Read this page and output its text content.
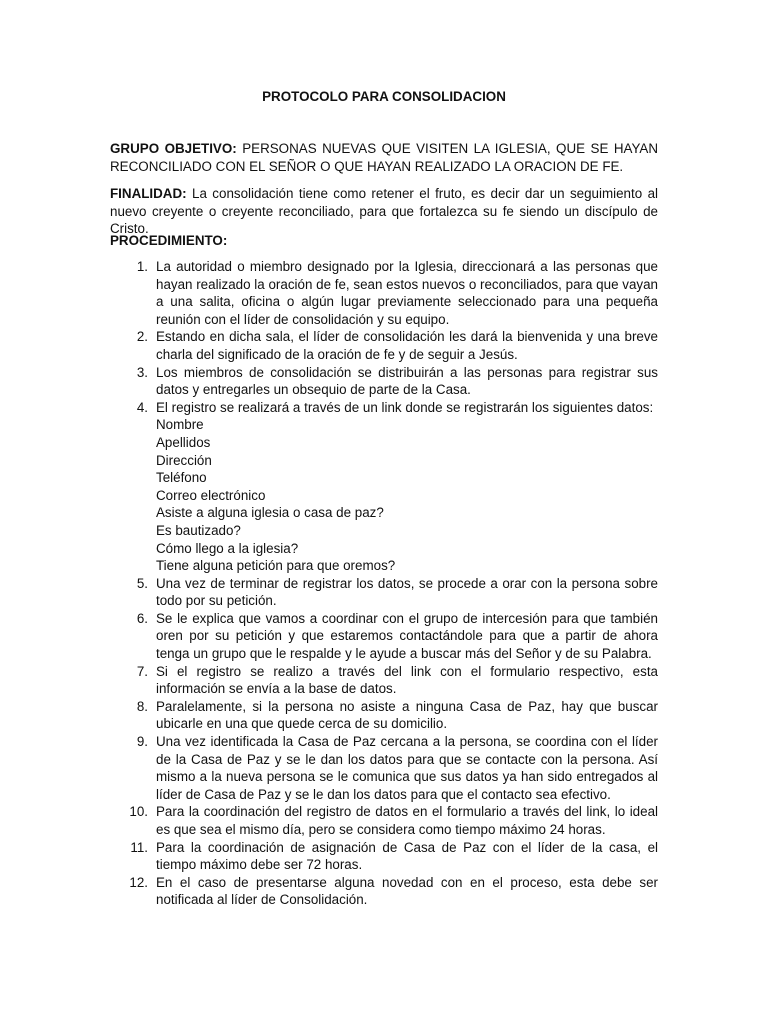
PROTOCOLO PARA CONSOLIDACION

GRUPO OBJETIVO: PERSONAS NUEVAS QUE VISITEN LA IGLESIA, QUE SE HAYAN RECONCILIADO CON EL SEÑOR O QUE HAYAN REALIZADO LA ORACION DE FE.

FINALIDAD: La consolidación tiene como retener el fruto, es decir dar un seguimiento al nuevo creyente o creyente reconciliado, para que fortalezca su fe siendo un discípulo de Cristo.

PROCEDIMIENTO:

1. La autoridad o miembro designado por la Iglesia, direccionará a las personas que hayan realizado la oración de fe, sean estos nuevos o reconciliados, para que vayan a una salita, oficina o algún lugar previamente seleccionado para una pequeña reunión con el líder de consolidación y su equipo.
2. Estando en dicha sala, el líder de consolidación les dará la bienvenida y una breve charla del significado de la oración de fe y de seguir a Jesús.
3. Los miembros de consolidación se distribuirán a las personas para registrar sus datos y entregarles un obsequio de parte de la Casa.
4. El registro se realizará a través de un link donde se registrarán los siguientes datos:
Nombre
Apellidos
Dirección
Teléfono
Correo electrónico
Asiste a alguna iglesia o casa de paz?
Es bautizado?
Cómo llego a la iglesia?
Tiene alguna petición para que oremos?
5. Una vez de terminar de registrar los datos, se procede a orar con la persona sobre todo por su petición.
6. Se le explica que vamos a coordinar con el grupo de intercesión para que también oren por su petición y que estaremos contactándole para que a partir de ahora tenga un grupo que le respalde y le ayude a buscar más del Señor y de su Palabra.
7. Si el registro se realizo a través del link con el formulario respectivo, esta información se envía a la base de datos.
8. Paralelamente, si la persona no asiste a ninguna Casa de Paz, hay que buscar ubicarle en una que quede cerca de su domicilio.
9. Una vez identificada la Casa de Paz cercana a la persona, se coordina con el líder de la Casa de Paz y se le dan los datos para que se contacte con la persona. Así mismo a la nueva persona se le comunica que sus datos ya han sido entregados al líder de Casa de Paz y se le dan los datos para que el contacto sea efectivo.
10. Para la coordinación del registro de datos en el formulario a través del link, lo ideal es que sea el mismo día, pero se considera como tiempo máximo 24 horas.
11. Para la coordinación de asignación de Casa de Paz con el líder de la casa, el tiempo máximo debe ser 72 horas.
12. En el caso de presentarse alguna novedad con en el proceso, esta debe ser notificada al líder de Consolidación.
